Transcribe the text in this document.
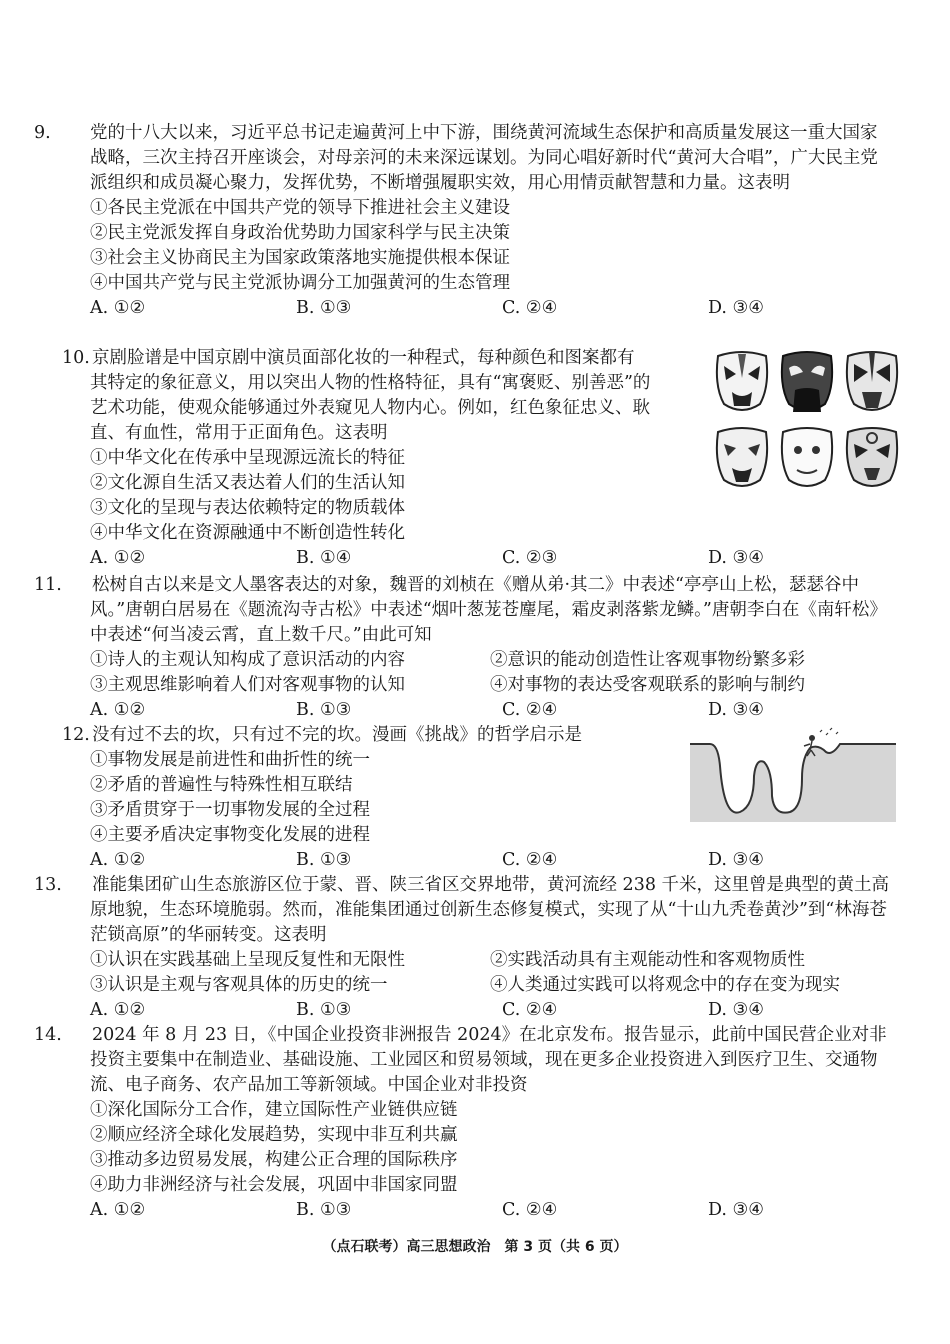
9. 党的十八大以来，习近平总书记走遍黄河上中下游，围绕黄河流域生态保护和高质量发展这一重大国家战略，三次主持召开座谈会，对母亲河的未来深远谋划。为同心唱好新时代“黄河大合唱”，广大民主党派组织和成员凝心聚力，发挥优势，不断增强履职实效，用心用情贡献智慧和力量。这表明
①各民主党派在中国共产党的领导下推进社会主义建设
②民主党派发挥自身政治优势助力国家科学与民主决策
③社会主义协商民主为国家政策落地实施提供根本保证
④中国共产党与民主党派协调分工加强黄河的生态管理
A. ①②	B. ①③	C. ②④	D. ③④
10. 京剧脸谱是中国京剧中演员面部化妆的一种程式，每种颜色和图案都有
其特定的象征意义，用以突出人物的性格特征，具有“寓褒贬、别善恶”的
艺术功能，使观众能够通过外表窥见人物内心。例如，红色象征忠义、耿
直、有血性，常用于正面角色。这表明
①中华文化在传承中呈现源远流长的特征
②文化源自生活又表达着人们的生活认知
③文化的呈现与表达依赖特定的物质载体
④中华文化在资源融通中不断创造性转化
A. ①②	B. ①④	C. ②③	D. ③④
11. 松树自古以来是文人墨客表达的对象，魏晋的刘桢在《赠从弟·其二》中表述“亭亭山上松，瑟瑟谷中风。”唐朝白居易在《题流沟寺古松》中表述“烟叶葱茏苍麈尾，霜皮剥落紫龙鳞。”唐朝李白在《南轩松》中表述“何当凌云霄，直上数千尺。”由此可知
①诗人的主观认知构成了意识活动的内容	②意识的能动创造性让客观事物纷繁多彩
③主观思维影响着人们对客观事物的认知	④对事物的表达受客观联系的影响与制约
A. ①②	B. ①③	C. ②④	D. ③④
12. 没有过不去的坎，只有过不完的坎。漫画《挑战》的哲学启示是
①事物发展是前进性和曲折性的统一
②矛盾的普遍性与特殊性相互联结
③矛盾贯穿于一切事物发展的全过程
④主要矛盾决定事物变化发展的进程
A. ①②	B. ①③	C. ②④	D. ③④
13. 准能集团矿山生态旅游区位于蒙、晋、陕三省区交界地带，黄河流经 238 千米，这里曾是典型的黄土高原地貌，生态环境脆弱。然而，准能集团通过创新生态修复模式，实现了从“十山九秃卷黄沙”到“林海苍茫锁高原”的华丽转变。这表明
①认识在实践基础上呈现反复性和无限性	②实践活动具有主观能动性和客观物质性
③认识是主观与客观具体的历史的统一	④人类通过实践可以将观念中的存在变为现实
A. ①②	B. ①③	C. ②④	D. ③④
14. 2024 年 8 月 23 日，《中国企业投资非洲报告 2024》在北京发布。报告显示，此前中国民营企业对非投资主要集中在制造业、基础设施、工业园区和贸易领域，现在更多企业投资进入到医疗卫生、交通物流、电子商务、农产品加工等新领域。中国企业对非投资
①深化国际分工合作，建立国际性产业链供应链
②顺应经济全球化发展趋势，实现中非互利共赢
③推动多边贸易发展，构建公正合理的国际秩序
④助力非洲经济与社会发展，巩固中非国家同盟
A. ①②	B. ①③	C. ②④	D. ③④
（点石联考）高三思想政治　第 3 页（共 6 页）
